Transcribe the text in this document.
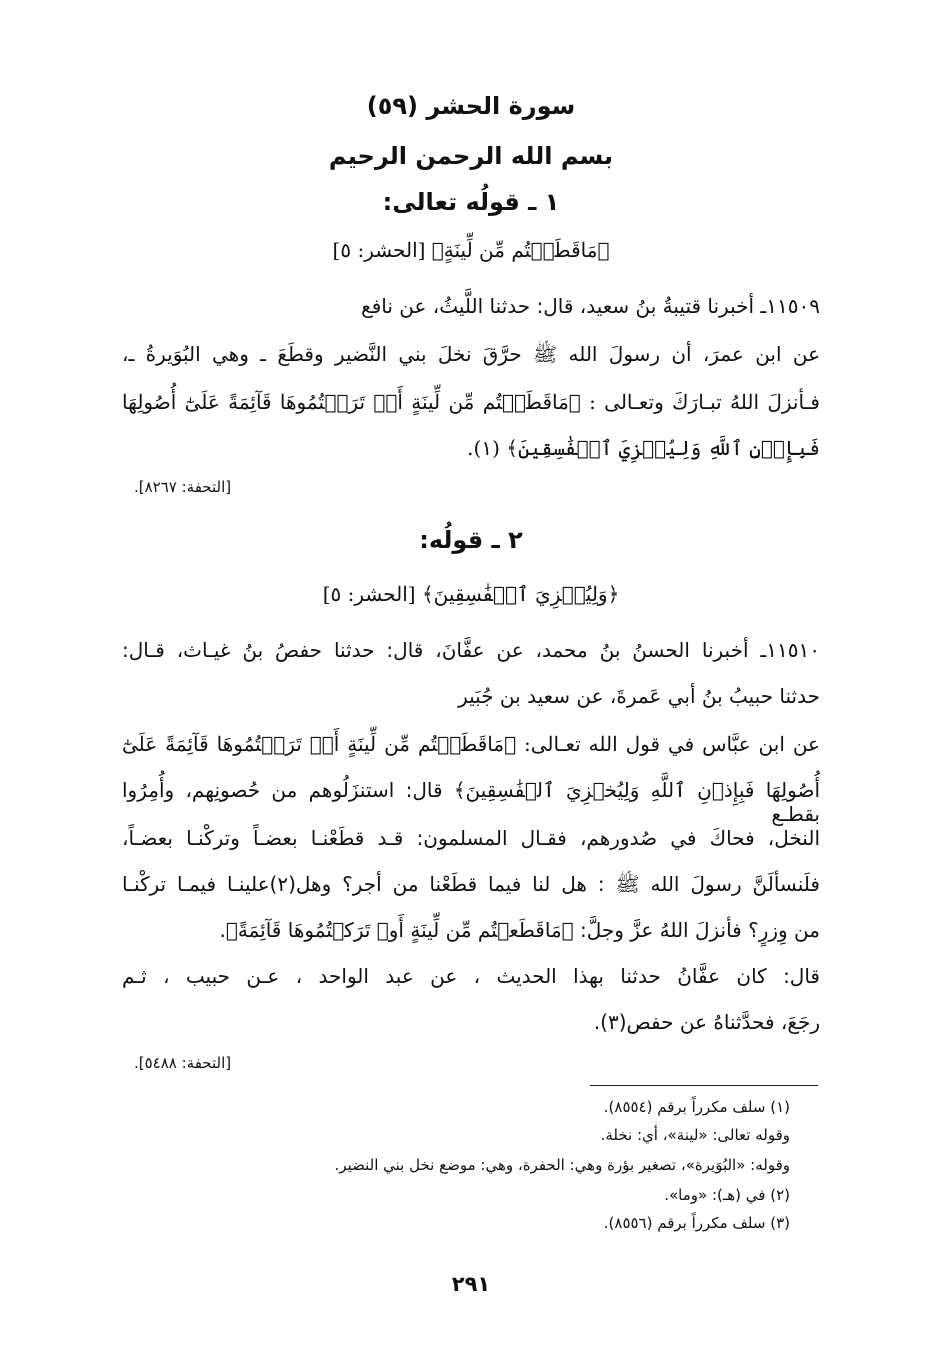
سورة الحشر (٥٩)
بسم الله الرحمن الرحيم
١ ـ قولُه تعالى:
﴿مَاقَطَعۡتُم مِّن لِّينَةٍ﴾ [الحشر: ٥]
١١٥٠٩ـ أخبرنا قتيبةُ بنُ سعيد، قال: حدثنا اللَّيثُ، عن نافع
عن ابن عمرَ، أن رسولَ الله ﷺ حرَّقَ نخلَ بني النَّضير وقطَعَ ـ وهي البُوَيرةُ ـ،
فـأنزلَ اللهُ تبـارَكَ وتعـالى : ﴿مَاقَطَعۡتُم مِّن لِّينَةٍ أَوۡ تَرَكۡتُمُوهَا قَآئِمَةً عَلَىٰٓ أُصُولِهَا
فَبِإِذۡنِ ٱللَّهِ وَلِيُخۡزِيَ ٱلۡفَٰسِقِينَ﴾ (١).
[التحفة: ٨٢٦٧].
٢ ـ قولُه:
﴿وَلِيُخۡزِيَ ٱلۡفَٰسِقِينَ﴾ [الحشر: ٥]
١١٥١٠ـ أخبرنا الحسنُ بنُ محمد، عن عفَّانَ، قال: حدثنا حفصُ بنُ غيـاث، قـال:
حدثنا حبيبُ بنُ أبي عَمرةَ، عن سعيد بن جُبَير
عن ابن عبَّاس في قول الله تعـالى: ﴿مَاقَطَعۡتُم مِّن لِّينَةٍ أَوۡ تَرَكۡتُمُوهَا قَآئِمَةً عَلَىٰٓ
أُصُولِهَا فَبِإِذۡنِ ٱللَّهِ وَلِيُخۡزِيَ ٱلۡفَٰسِقِينَ﴾ قال: استنزَلُوهم من حُصونِهم، وأُمِرُوا بقطـع
النخل، فحاكَ في صُدورهم، فقـال المسلمون: قـد قطَعْنـا بعضـاً وتركْنـا بعضـاً،
فلَنسألَنَّ رسولَ الله ﷺ : هل لنا فيما قطَعْنا من أجر؟ وهل(٢)علينـا فيمـا تركْنـا
من وِزرٍ؟ فأنزلَ اللهُ عزَّ وجلَّ: ﴿مَاقَطَعۡتُم مِّن لِّينَةٍ أَوۡ تَرَكۡتُمُوهَا قَآئِمَةً﴾.
قال: كان عفَّانُ حدثنا بهذا الحديث ، عن عبد الواحد ، عـن حبيب ، ثـم
رجَعَ، فحدَّثناهُ عن حفص(٣).
[التحفة: ٥٤٨٨].
(١) سلف مكرراً برقم (٨٥٥٤).
وقوله تعالى: «لينة»، أي: نخلة.
وقوله: «البُوَيرة»، تصغير بؤرة وهي: الحفرة، وهي: موضع نخل بني النضير.
(٢) في (هـ): «وما».
(٣) سلف مكرراً برقم (٨٥٥٦).
٢٩١
